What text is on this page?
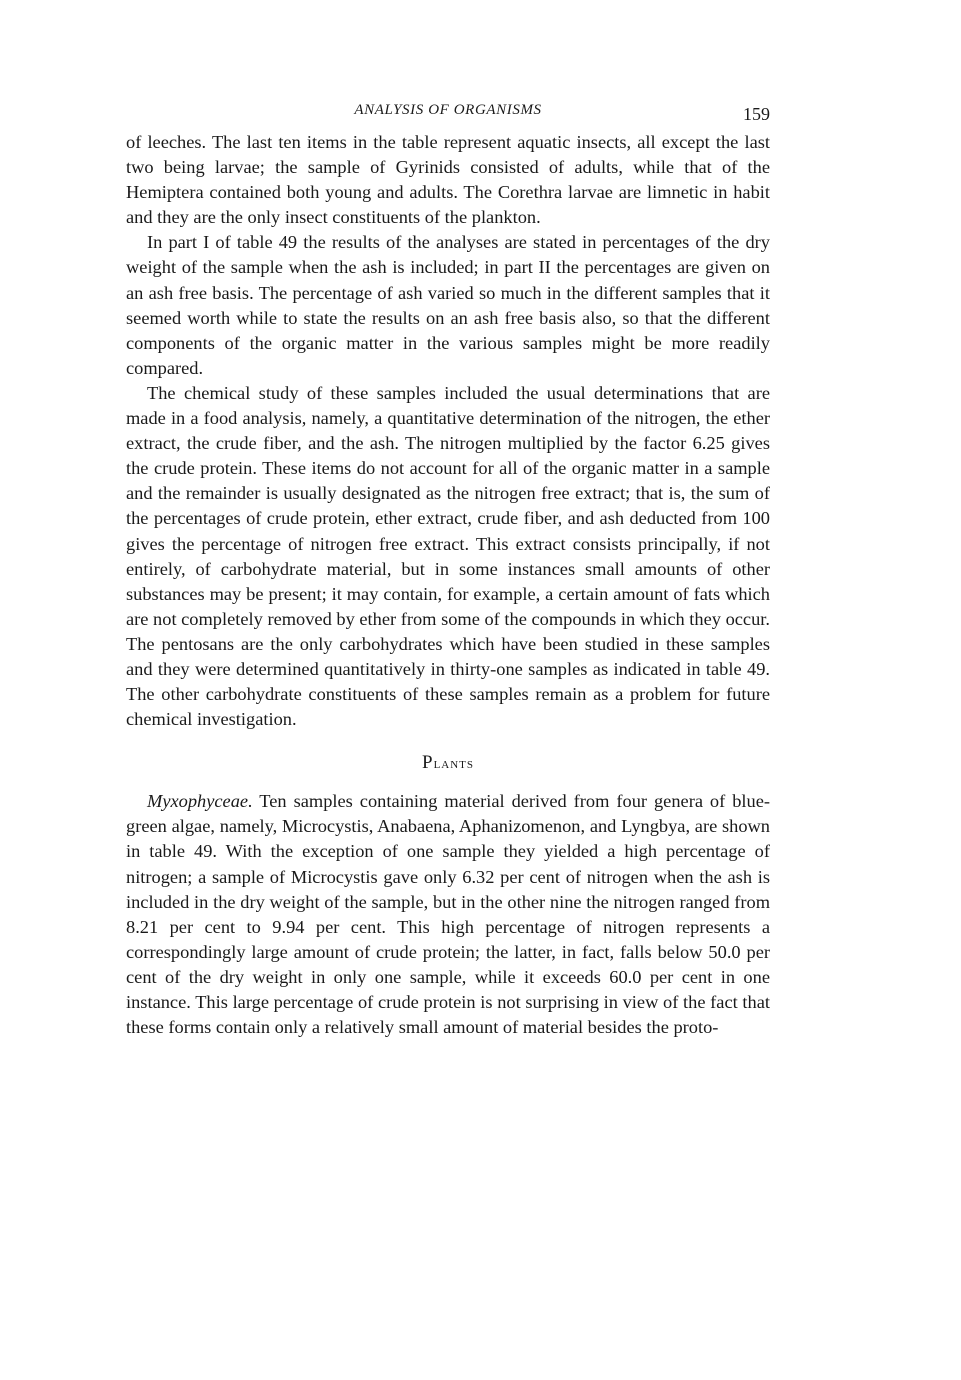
ANALYSIS OF ORGANISMS	159

of leeches. The last ten items in the table represent aquatic insects, all except the last two being larvae; the sample of Gyrinids consisted of adults, while that of the Hemiptera contained both young and adults. The Corethra larvae are limnetic in habit and they are the only insect constituents of the plankton.

In part I of table 49 the results of the analyses are stated in percentages of the dry weight of the sample when the ash is included; in part II the percentages are given on an ash free basis. The percentage of ash varied so much in the different samples that it seemed worth while to state the results on an ash free basis also, so that the different components of the organic matter in the various samples might be more readily compared.

The chemical study of these samples included the usual determinations that are made in a food analysis, namely, a quantitative determination of the nitrogen, the ether extract, the crude fiber, and the ash. The nitrogen multiplied by the factor 6.25 gives the crude protein. These items do not account for all of the organic matter in a sample and the remainder is usually designated as the nitrogen free extract; that is, the sum of the percentages of crude protein, ether extract, crude fiber, and ash deducted from 100 gives the percentage of nitrogen free extract. This extract consists principally, if not entirely, of carbohydrate material, but in some instances small amounts of other substances may be present; it may contain, for example, a certain amount of fats which are not completely removed by ether from some of the compounds in which they occur. The pentosans are the only carbohydrates which have been studied in these samples and they were determined quantitatively in thirty-one samples as indicated in table 49. The other carbohydrate constituents of these samples remain as a problem for future chemical investigation.

Plants

Myxophyceae. Ten samples containing material derived from four genera of blue-green algae, namely, Microcystis, Anabaena, Aphanizomenon, and Lyngbya, are shown in table 49. With the exception of one sample they yielded a high percentage of nitrogen; a sample of Microcystis gave only 6.32 per cent of nitrogen when the ash is included in the dry weight of the sample, but in the other nine the nitrogen ranged from 8.21 per cent to 9.94 per cent. This high percentage of nitrogen represents a correspondingly large amount of crude protein; the latter, in fact, falls below 50.0 per cent of the dry weight in only one sample, while it exceeds 60.0 per cent in one instance. This large percentage of crude protein is not surprising in view of the fact that these forms contain only a relatively small amount of material besides the proto-
